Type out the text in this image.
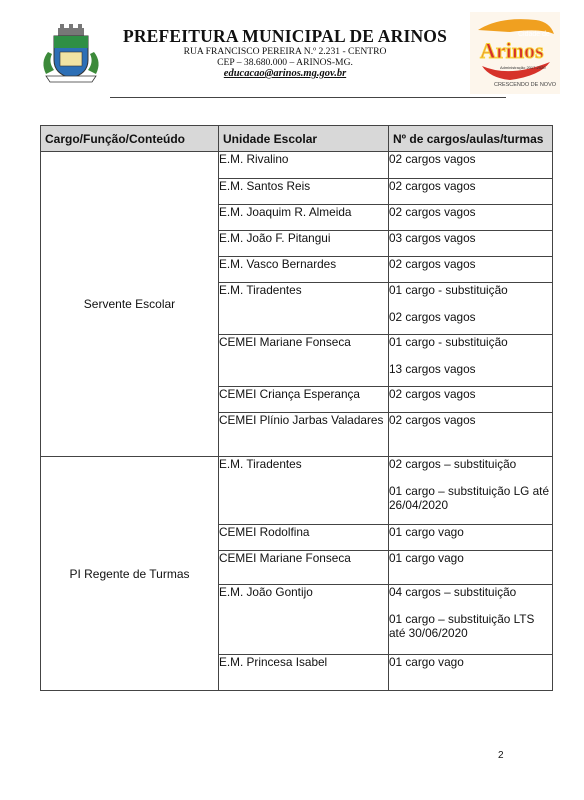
PREFEITURA MUNICIPAL DE ARINOS
RUA FRANCISCO PEREIRA N.º 2.231 - CENTRO
CEP – 38.680.000 – ARINOS-MG.
educacao@arinos.mg.gov.br
Cidade de
Arinos
Administração 2017-2020
CRESCENDO DE NOVO
Cargo/Função/Conteúdo	Unidade Escolar	Nº de cargos/aulas/turmas
Servente Escolar	E.M. Rivalino	02 cargos vagos
	E.M. Santos Reis	02 cargos vagos
	E.M. Joaquim R. Almeida	02 cargos vagos
	E.M. João F. Pitangui	03 cargos vagos
	E.M. Vasco Bernardes	02 cargos vagos
	E.M. Tiradentes	01 cargo - substituição
02 cargos vagos

	CEMEI Mariane Fonseca	01 cargo - substituição
13 cargos vagos

	CEMEI Criança Esperança	02 cargos vagos
	CEMEI Plínio Jarbas Valadares	02 cargos vagos
PI Regente de Turmas	E.M. Tiradentes	02 cargos – substituição
01 cargo – substituição LG até 26/04/2020

	CEMEI Rodolfina	01 cargo vago
	CEMEI Mariane Fonseca	01 cargo vago
	E.M. João Gontijo	04 cargos – substituição
01 cargo – substituição LTS até 30/06/2020

	E.M. Princesa Isabel	01 cargo vago
2
